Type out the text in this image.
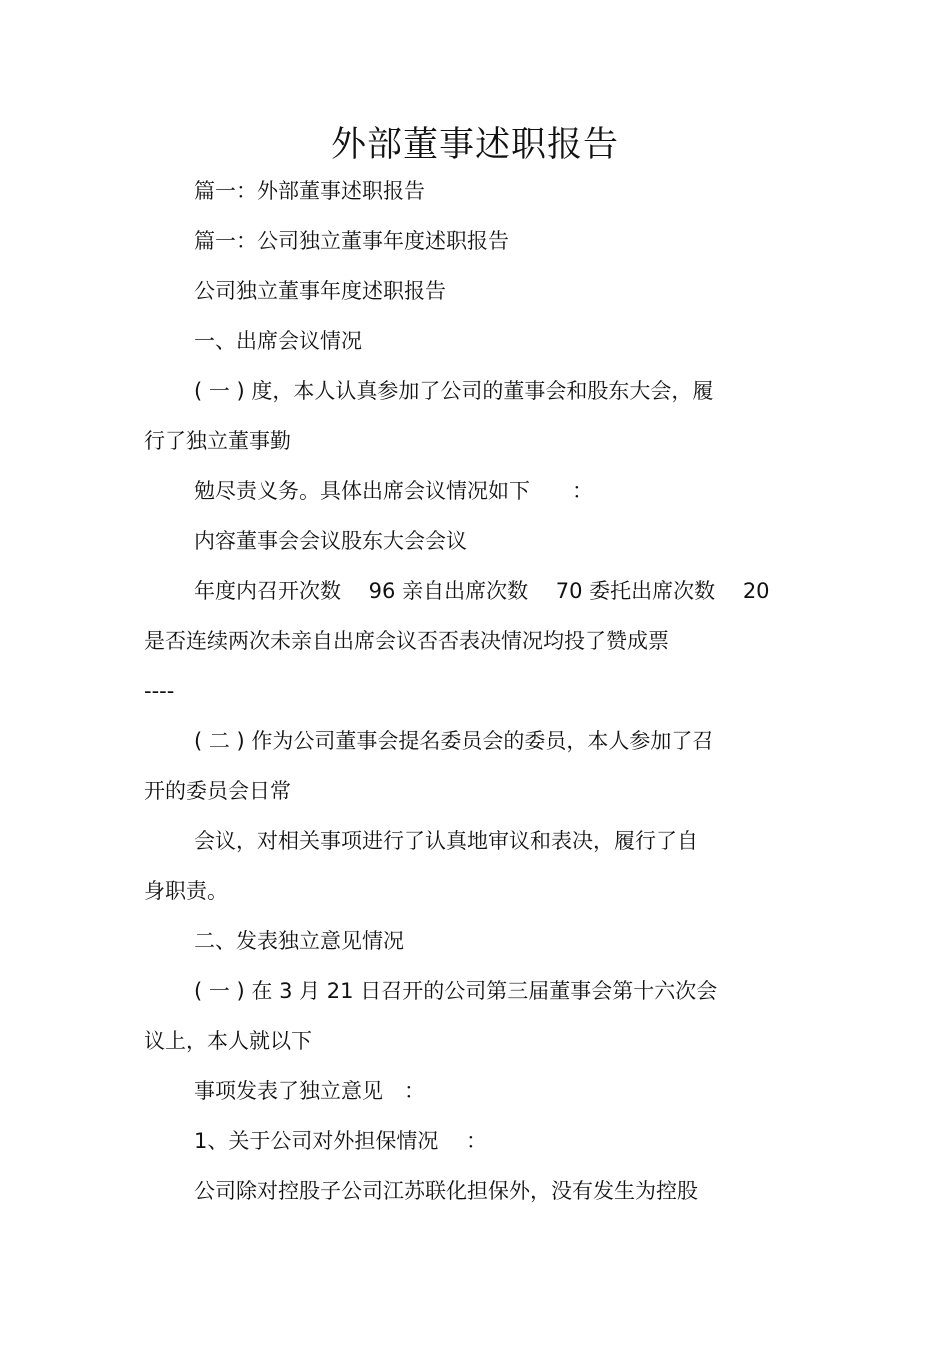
外部董事述职报告

篇一：外部董事述职报告

篇一：公司独立董事年度述职报告

公司独立董事年度述职报告

一、出席会议情况

( 一 ) 度，本人认真参加了公司的董事会和股东大会，履

行了独立董事勤

勉尽责义务。具体出席会议情况如下　　：

内容董事会会议股东大会会议

年度内召开次数　 96 亲自出席次数　 70 委托出席次数　 20

是否连续两次未亲自出席会议否否表决情况均投了赞成票

----

( 二 ) 作为公司董事会提名委员会的委员，本人参加了召

开的委员会日常

会议，对相关事项进行了认真地审议和表决，履行了自

身职责。

二、发表独立意见情况

( 一 ) 在 3 月 21 日召开的公司第三届董事会第十六次会

议上，本人就以下

事项发表了独立意见　：

1、关于公司对外担保情况　 ：

公司除对控股子公司江苏联化担保外，没有发生为控股
